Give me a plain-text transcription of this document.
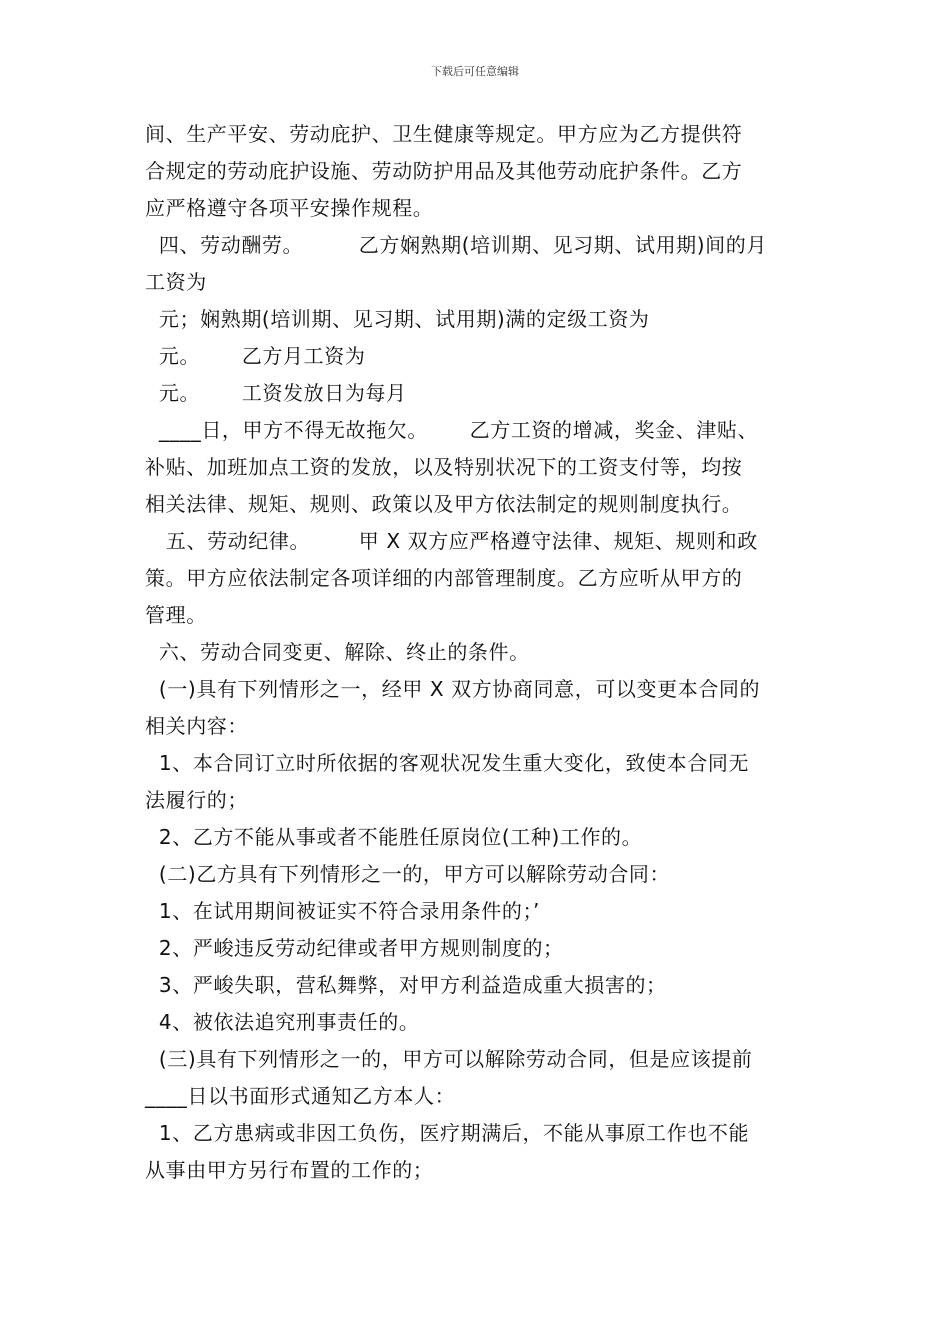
下载后可任意编辑
间、生产平安、劳动庇护、卫生健康等规定。甲方应为乙方提供符
合规定的劳动庇护设施、劳动防护用品及其他劳动庇护条件。乙方
应严格遵守各项平安操作规程。
四、劳动酬劳。        乙方娴熟期(培训期、见习期、试用期)间的月
工资为
元；娴熟期(培训期、见习期、试用期)满的定级工资为
元。      乙方月工资为
元。      工资发放日为每月
____日，甲方不得无故拖欠。      乙方工资的增减，奖金、津贴、
补贴、加班加点工资的发放，以及特别状况下的工资支付等，均按
相关法律、规矩、规则、政策以及甲方依法制定的规则制度执行。
五、劳动纪律。       甲 X 双方应严格遵守法律、规矩、规则和政
策。甲方应依法制定各项详细的内部管理制度。乙方应听从甲方的
管理。
六、劳动合同变更、解除、终止的条件。
(一)具有下列情形之一，经甲 X 双方协商同意，可以变更本合同的
相关内容：
1、本合同订立时所依据的客观状况发生重大变化，致使本合同无
法履行的；
2、乙方不能从事或者不能胜任原岗位(工种)工作的。
(二)乙方具有下列情形之一的，甲方可以解除劳动合同：
1、在试用期间被证实不符合录用条件的；’
2、严峻违反劳动纪律或者甲方规则制度的；
3、严峻失职，营私舞弊，对甲方利益造成重大损害的；
4、被依法追究刑事责任的。
(三)具有下列情形之一的，甲方可以解除劳动合同，但是应该提前
____日以书面形式通知乙方本人：
1、乙方患病或非因工负伤，医疗期满后，不能从事原工作也不能
从事由甲方另行布置的工作的；
